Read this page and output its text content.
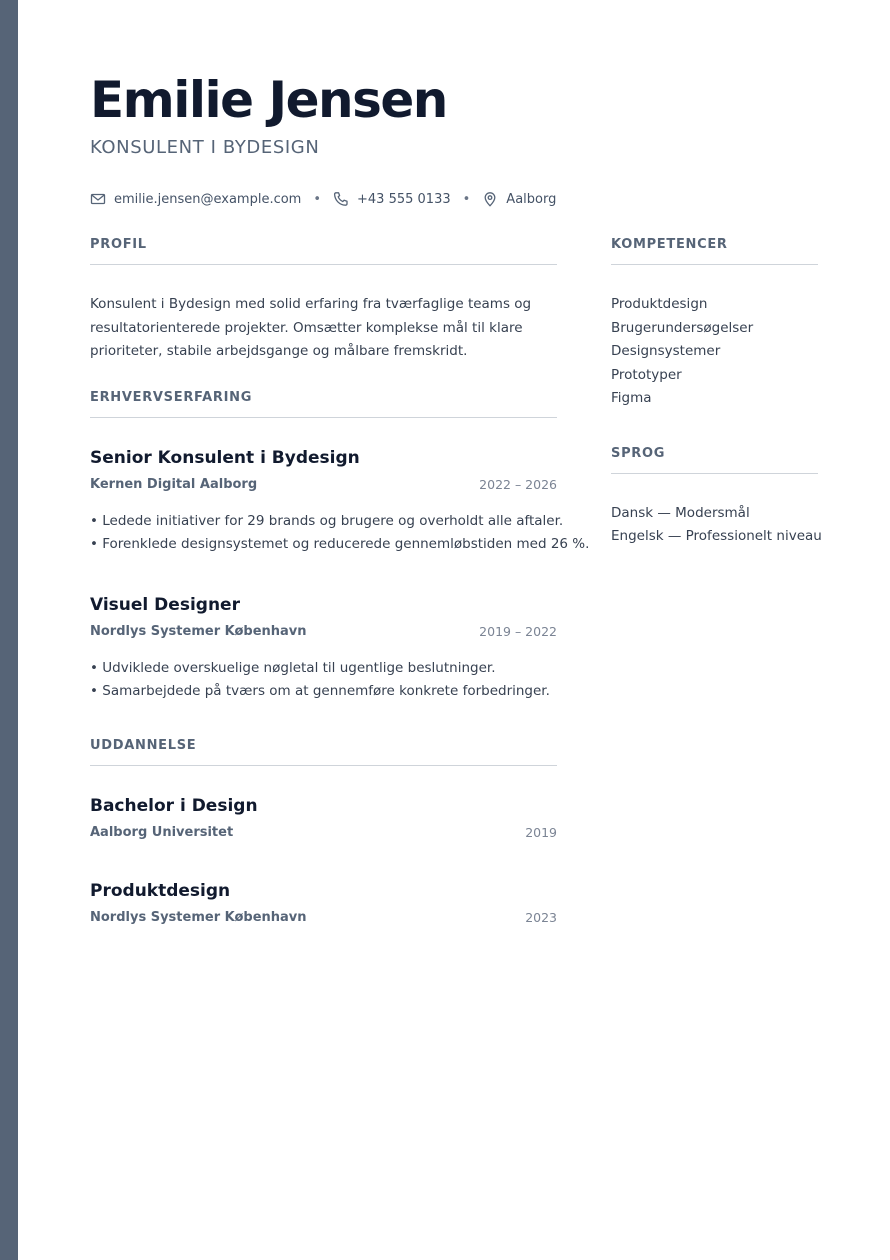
Emilie Jensen

KONSULENT I BYDESIGN

emilie.jensen@example.com •	+43 555 0133 •	Aalborg
PROFIL

Konsulent i Bydesign med solid erfaring fra tværfaglige teams og resultatorienterede projekter. Omsætter komplekse mål til klare prioriteter, stabile arbejdsgange og målbare fremskridt.

ERHVERVSERFARING
Senior Konsulent i Bydesign
Kernen Digital Aalborg	2022 – 2026
• Ledede initiativer for 29 brands og brugere og overholdt alle aftaler.
• Forenklede designsystemet og reducerede gennemløbstiden med 26 %.
Visuel Designer
Nordlys Systemer København	2019 – 2022
• Udviklede overskuelige nøgletal til ugentlige beslutninger.
• Samarbejdede på tværs om at gennemføre konkrete forbedringer.
UDDANNELSE
Bachelor i Design
Aalborg Universitet	2019
Produktdesign
Nordlys Systemer København	2023
KOMPETENCER
Produktdesign
Brugerundersøgelser
Designsystemer
Prototyper
Figma
SPROG
Dansk — Modersmål
Engelsk — Professionelt niveau
